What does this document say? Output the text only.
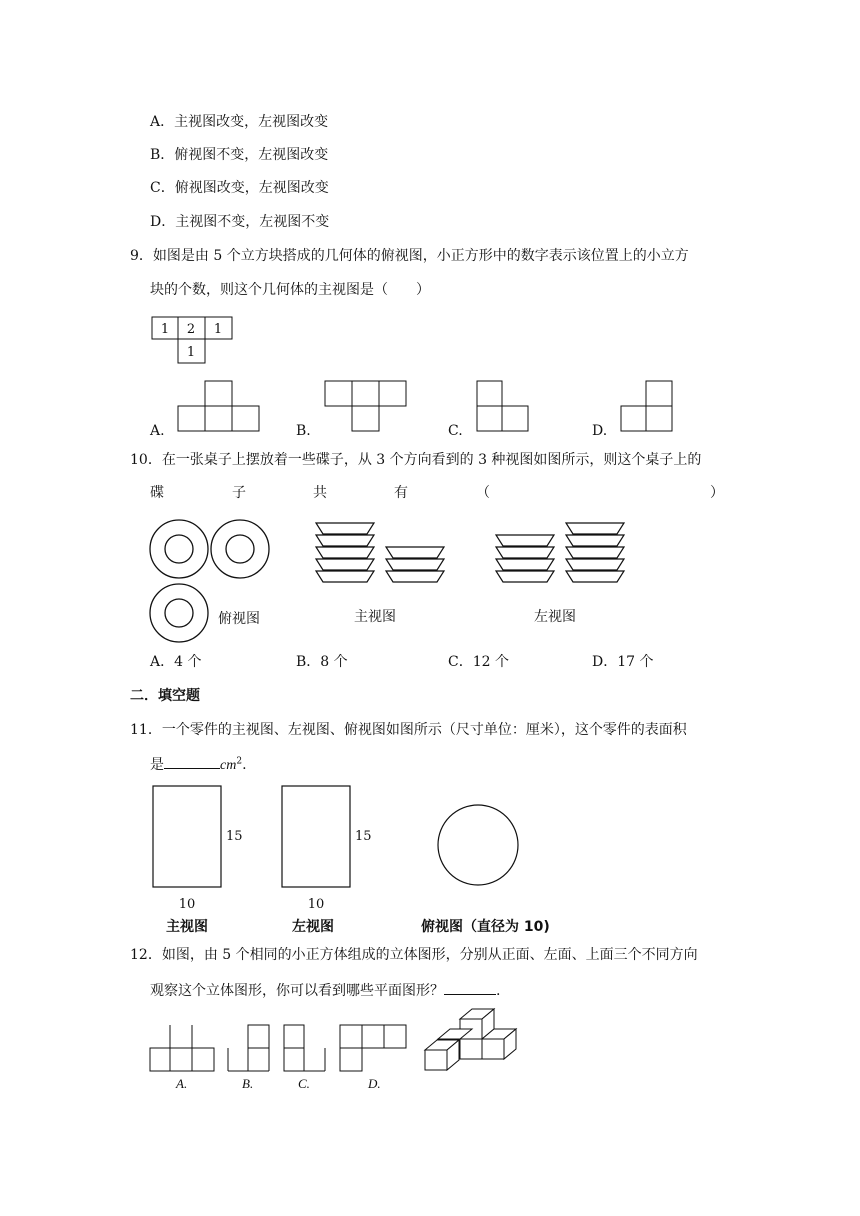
A．主视图改变，左视图改变
B．俯视图不变，左视图改变
C．俯视图改变，左视图改变
D．主视图不变，左视图不变
9．如图是由 5 个立方块搭成的几何体的俯视图，小正方形中的数字表示该位置上的小立方
块的个数，则这个几何体的主视图是（　　）
1 2 1
1
A.	B.	C.	D.
10．在一张桌子上摆放着一些碟子，从 3 个方向看到的 3 种视图如图所示，则这个桌子上的
碟	子	共	有	（	）
俯视图	主视图	左视图
A．4 个	B．8 个	C．12 个	D．17 个
二．填空题
11．一个零件的主视图、左视图、俯视图如图所示（尺寸单位：厘米），这个零件的表面积
是	$cm^2$.
15
10
主视图
15
10
左视图	俯视图（直径为 10)
12．如图，由 5 个相同的小正方体组成的立体图形，分别从正面、左面、上面三个不同方向
观察这个立体图形，你可以看到哪些平面图形？	.
A.	B.	C.	D.
